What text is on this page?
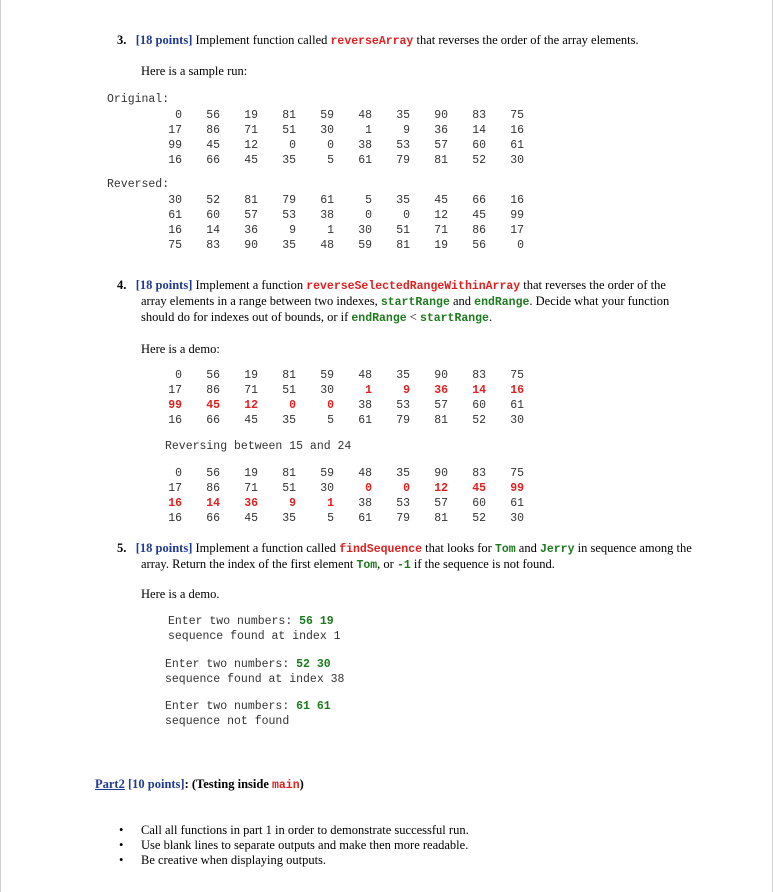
3. [18 points] Implement function called reverseArray that reverses the order of the array elements.
Here is a sample run:
Original:
0	56	19	81	59	48	35	90	83	75
17	86	71	51	30	1	9	36	14	16
99	45	12	0	0	38	53	57	60	61
16	66	45	35	5	61	79	81	52	30
Reversed:
30	52	81	79	61	5	35	45	66	16
61	60	57	53	38	0	0	12	45	99
16	14	36	9	1	30	51	71	86	17
75	83	90	35	48	59	81	19	56	0
4. [18 points] Implement a function reverseSelectedRangeWithinArray that reverses the order of the
array elements in a range between two indexes, startRange and endRange. Decide what your function
should do for indexes out of bounds, or if endRange < startRange.
Here is a demo:
0	56	19	81	59	48	35	90	83	75
17	86	71	51	30	1	9	36	14	16
99	45	12	0	0	38	53	57	60	61
16	66	45	35	5	61	79	81	52	30
Reversing between 15 and 24
0	56	19	81	59	48	35	90	83	75
17	86	71	51	30	0	0	12	45	99
16	14	36	9	1	38	53	57	60	61
16	66	45	35	5	61	79	81	52	30
5. [18 points] Implement a function called findSequence that looks for Tom and Jerry in sequence among the
array. Return the index of the first element Tom, or -1 if the sequence is not found.
Here is a demo.
Enter two numbers: 56 19
sequence found at index 1
Enter two numbers: 52 30
sequence found at index 38
Enter two numbers: 61 61
sequence not found
Part2 [10 points]: (Testing inside main)
• Call all functions in part 1 in order to demonstrate successful run.
• Use blank lines to separate outputs and make then more readable.
• Be creative when displaying outputs.
